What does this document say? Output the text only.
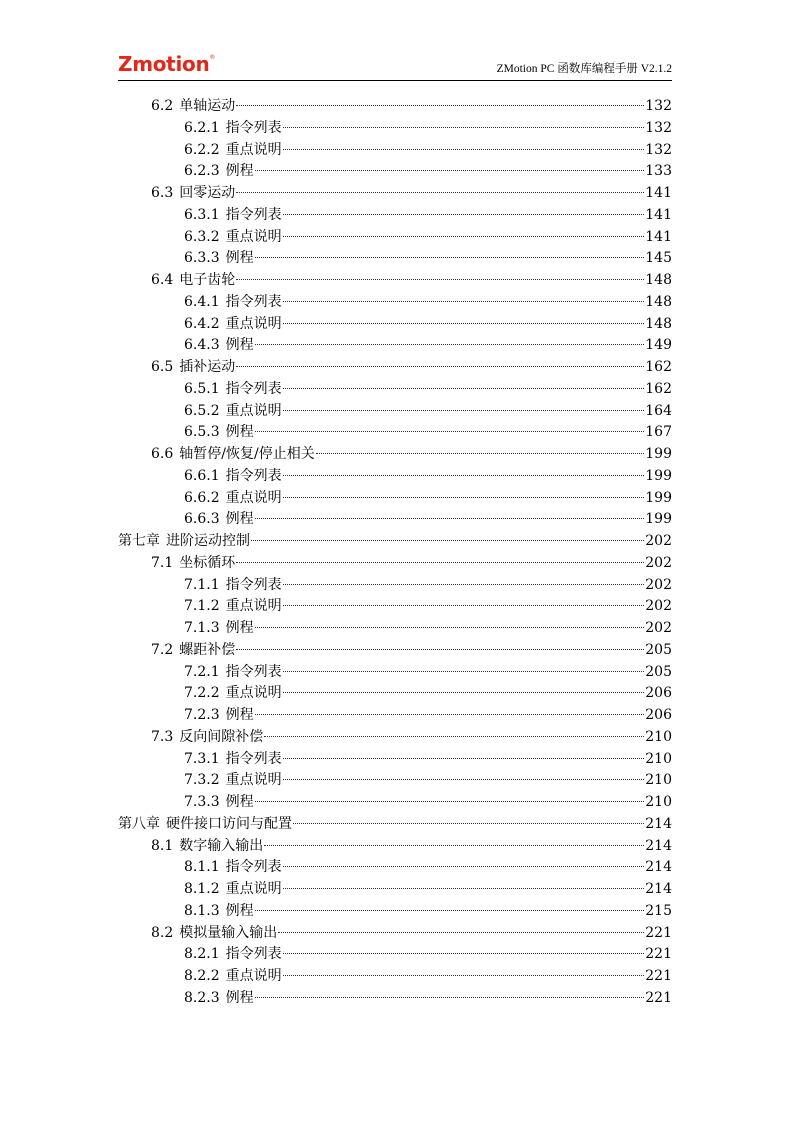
Zmotion®
ZMotion PC 函数库编程手册 V2.1.2
6.2 单轴运动	132
6.2.1 指令列表	132
6.2.2 重点说明	132
6.2.3 例程	133
6.3 回零运动	141
6.3.1 指令列表	141
6.3.2 重点说明	141
6.3.3 例程	145
6.4 电子齿轮	148
6.4.1 指令列表	148
6.4.2 重点说明	148
6.4.3 例程	149
6.5 插补运动	162
6.5.1 指令列表	162
6.5.2 重点说明	164
6.5.3 例程	167
6.6 轴暂停/恢复/停止相关	199
6.6.1 指令列表	199
6.6.2 重点说明	199
6.6.3 例程	199
第七章 进阶运动控制	202
7.1 坐标循环	202
7.1.1 指令列表	202
7.1.2 重点说明	202
7.1.3 例程	202
7.2 螺距补偿	205
7.2.1 指令列表	205
7.2.2 重点说明	206
7.2.3 例程	206
7.3 反向间隙补偿	210
7.3.1 指令列表	210
7.3.2 重点说明	210
7.3.3 例程	210
第八章 硬件接口访问与配置	214
8.1 数字输入输出	214
8.1.1 指令列表	214
8.1.2 重点说明	214
8.1.3 例程	215
8.2 模拟量输入输出	221
8.2.1 指令列表	221
8.2.2 重点说明	221
8.2.3 例程	221
